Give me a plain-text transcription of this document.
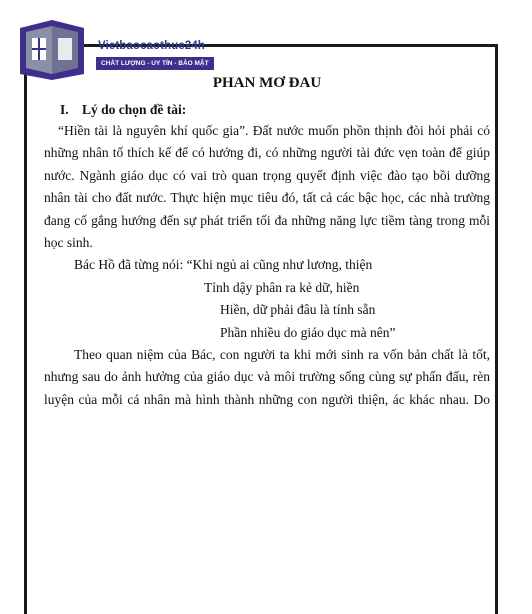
Vietbaocaothue24h
CHẤT LƯỢNG - UY TÍN - BẢO MẬT
PHAN MƠ ĐAU
I. Lý do chọn đề tài:
“Hiền tài là nguyên khí quốc gia”. Đất nước muốn phồn thịnh đòi hỏi phải có
những nhân tố thích kế để có hướng đi, có những người tài đức vẹn toàn để giúp
nước. Ngành giáo dục có vai trò quan trọng quyết định việc đào tạo bồi dưỡng
nhân tài cho đất nước. Thực hiện mục tiêu đó, tất cả các bậc học, các nhà trường
đang cố gắng hướng đến sự phát triển tối đa những năng lực tiềm tàng trong mỗi
học sinh.
Bác Hồ đã từng nói: “Khi ngủ ai cũng như lương, thiện
Tỉnh dậy phân ra kẻ dữ, hiền
Hiền, dữ phải đâu là tính sẵn
Phần nhiều do giáo dục mà nên”
Theo quan niệm của Bác, con người ta khi mới sinh ra vốn bản chất là tốt,
nhưng sau do ảnh hưởng của giáo dục và môi trường sống cùng sự phấn đấu, rèn
luyện của mỗi cá nhân mà hình thành những con người thiện, ác khác nhau. Do
